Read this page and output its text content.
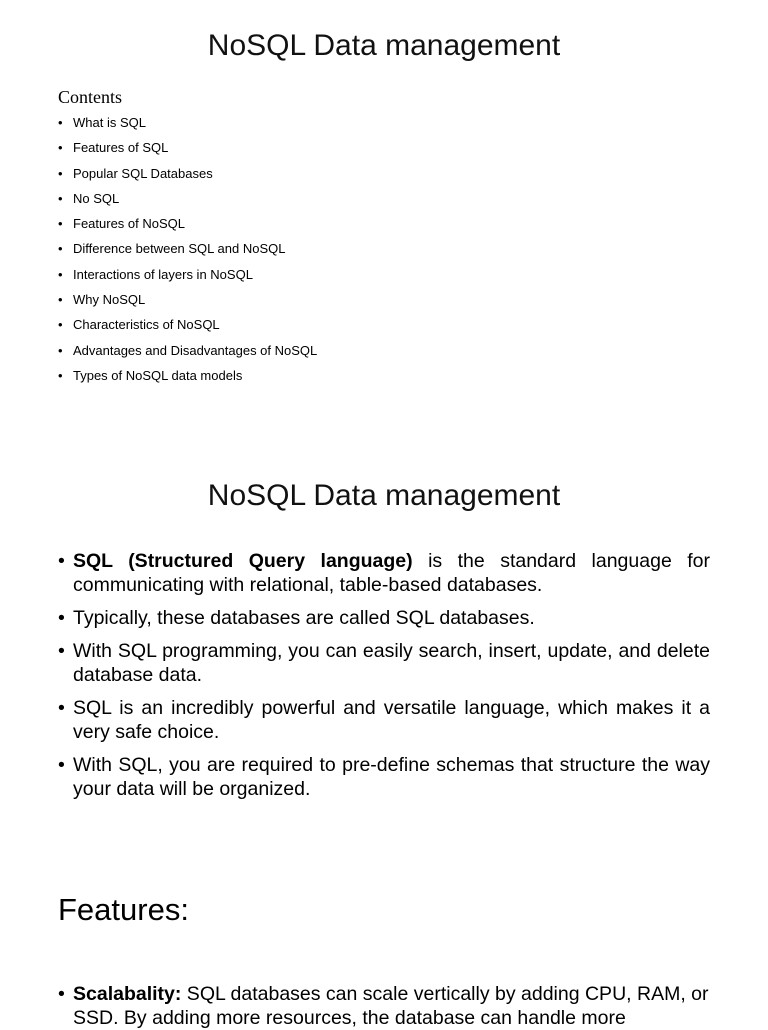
NoSQL Data management

Contents

• What is SQL
• Features of SQL
• Popular SQL Databases
• No SQL
• Features of NoSQL
• Difference between SQL and NoSQL
• Interactions of layers in NoSQL
• Why NoSQL
• Characteristics of NoSQL
• Advantages and Disadvantages of NoSQL
• Types of NoSQL data models
NoSQL Data management
• SQL (Structured Query language) is the standard language for communicating with relational, table-based databases.
• Typically, these databases are called SQL databases.
• With SQL programming, you can easily search, insert, update, and delete database data.
• SQL is an incredibly powerful and versatile language, which makes it a very safe choice.
• With SQL, you are required to pre-define schemas that structure the way your data will be organized.
Features:
• Scalabality: SQL databases can scale vertically by adding CPU, RAM, or SSD. By adding more resources, the database can handle more
